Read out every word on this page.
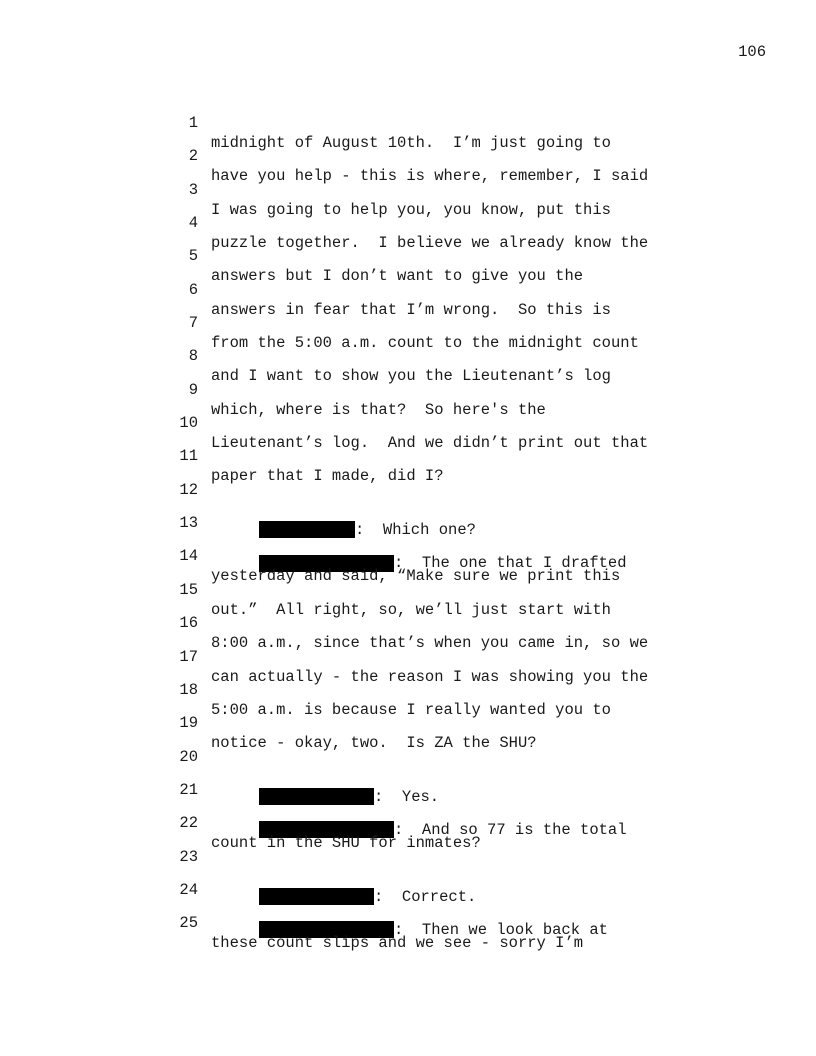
106

1

midnight of August 10th.  I’m just going to

2

have you help - this is where, remember, I said

3

I was going to help you, you know, put this

4

puzzle together.  I believe we already know the

5

answers but I don’t want to give you the

6

answers in fear that I’m wrong.  So this is

7

from the 5:00 a.m. count to the midnight count

8

and I want to show you the Lieutenant’s log

9

which, where is that?  So here's the

10

Lieutenant’s log.  And we didn’t print out that

11

paper that I made, did I?

12

:  Which one?

13

:  The one that I drafted

14

yesterday and said, “Make sure we print this

15

out.”  All right, so, we’ll just start with

16

8:00 a.m., since that’s when you came in, so we

17

can actually - the reason I was showing you the

18

5:00 a.m. is because I really wanted you to

19

notice - okay, two.  Is ZA the SHU?

20

:  Yes.

21

:  And so 77 is the total

22

count in the SHU for inmates?

23

:  Correct.

24

:  Then we look back at

25

these count slips and we see - sorry I’m
